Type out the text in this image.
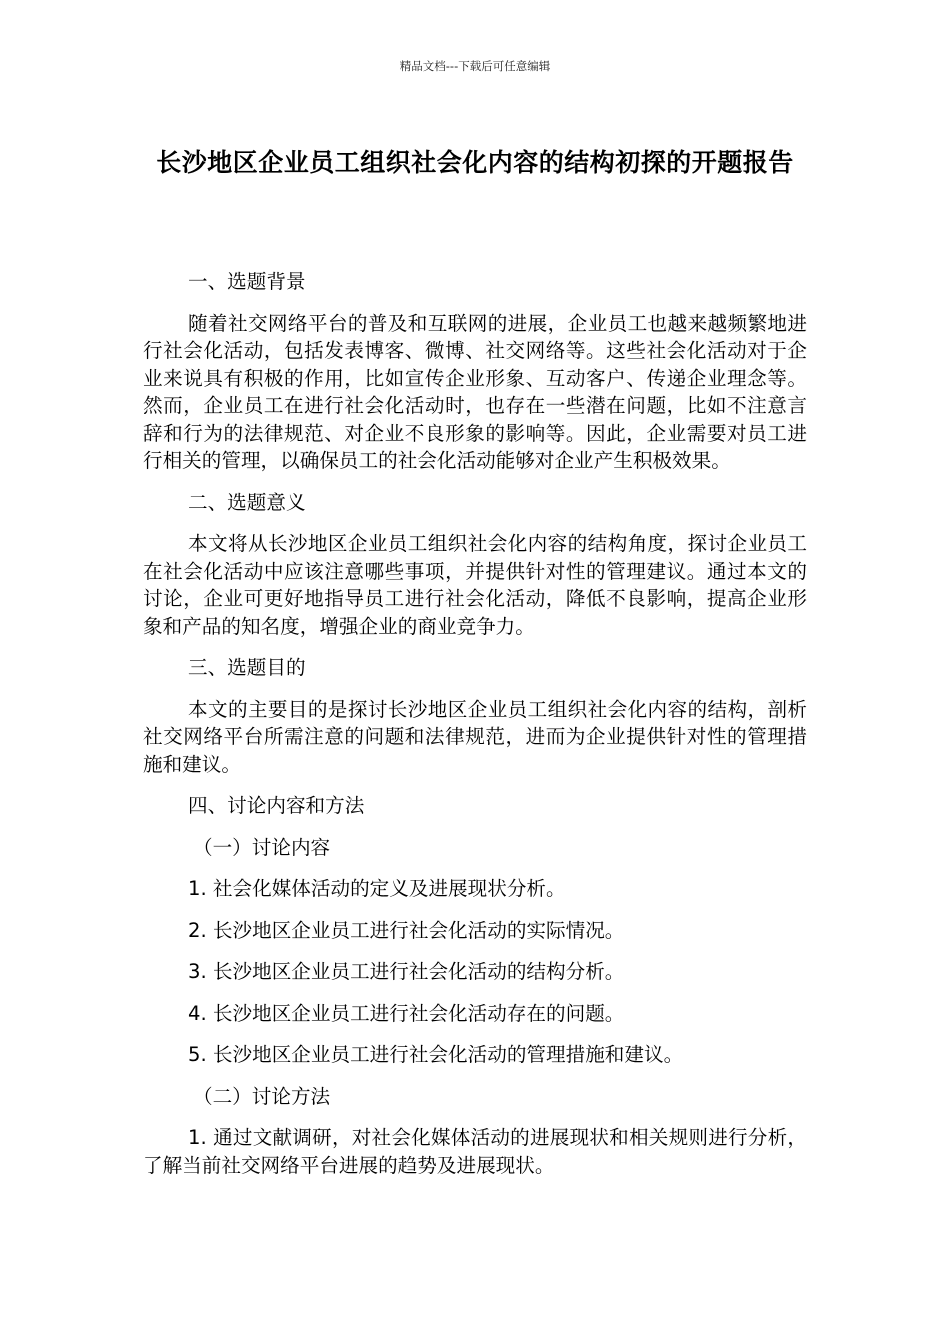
精品文档---下载后可任意编辑
长沙地区企业员工组织社会化内容的结构初探的开题报告

一、选题背景

随着社交网络平台的普及和互联网的进展，企业员工也越来越频繁地进行社会化活动，包括发表博客、微博、社交网络等。这些社会化活动对于企业来说具有积极的作用，比如宣传企业形象、互动客户、传递企业理念等。然而，企业员工在进行社会化活动时，也存在一些潜在问题，比如不注意言辞和行为的法律规范、对企业不良形象的影响等。因此，企业需要对员工进行相关的管理，以确保员工的社会化活动能够对企业产生积极效果。

二、选题意义

本文将从长沙地区企业员工组织社会化内容的结构角度，探讨企业员工在社会化活动中应该注意哪些事项，并提供针对性的管理建议。通过本文的讨论，企业可更好地指导员工进行社会化活动，降低不良影响，提高企业形象和产品的知名度，增强企业的商业竞争力。

三、选题目的

本文的主要目的是探讨长沙地区企业员工组织社会化内容的结构，剖析社交网络平台所需注意的问题和法律规范，进而为企业提供针对性的管理措施和建议。

四、讨论内容和方法

（一）讨论内容

1. 社会化媒体活动的定义及进展现状分析。

2. 长沙地区企业员工进行社会化活动的实际情况。

3. 长沙地区企业员工进行社会化活动的结构分析。

4. 长沙地区企业员工进行社会化活动存在的问题。

5. 长沙地区企业员工进行社会化活动的管理措施和建议。

（二）讨论方法

1. 通过文献调研，对社会化媒体活动的进展现状和相关规则进行分析，了解当前社交网络平台进展的趋势及进展现状。
